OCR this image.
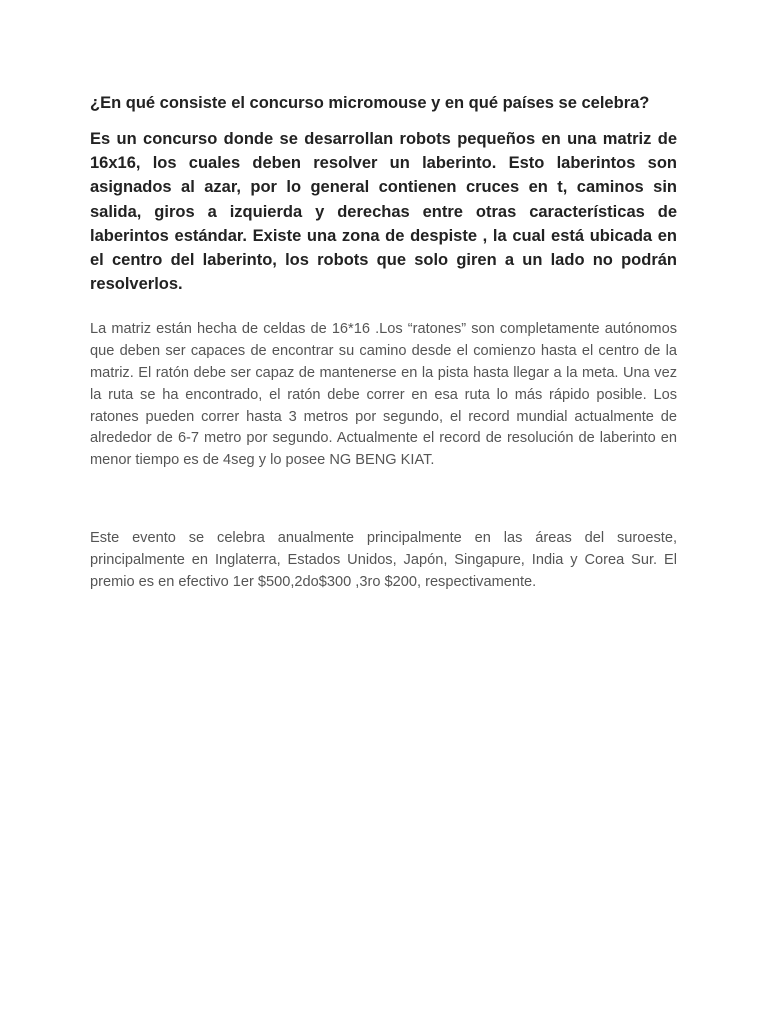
¿En qué consiste el concurso micromouse y en qué países se celebra?

Es un concurso donde se desarrollan robots pequeños en una matriz de 16x16, los cuales deben resolver un laberinto. Esto laberintos son asignados al azar, por lo general contienen cruces en t, caminos sin salida, giros a izquierda y derechas entre otras características de laberintos estándar. Existe una zona de despiste , la cual está ubicada en el centro del laberinto, los robots que solo giren a un lado no podrán resolverlos.

La matriz están hecha de celdas de 16*16 .Los “ratones” son completamente autónomos que deben ser capaces de encontrar su camino desde el comienzo hasta el centro de la matriz. El ratón debe ser capaz de mantenerse en la pista hasta llegar a la meta. Una vez la ruta se ha encontrado, el ratón debe correr en esa ruta lo más rápido posible. Los ratones pueden correr hasta 3 metros por segundo, el record mundial actualmente de alrededor de 6-7 metro por segundo. Actualmente el record de resolución de laberinto en menor tiempo es de 4seg y lo posee NG BENG KIAT.

Este evento se celebra anualmente principalmente en las áreas del suroeste, principalmente en Inglaterra, Estados Unidos, Japón, Singapure, India y Corea Sur. El premio es en efectivo 1er $500,2do$300 ,3ro $200, respectivamente.
